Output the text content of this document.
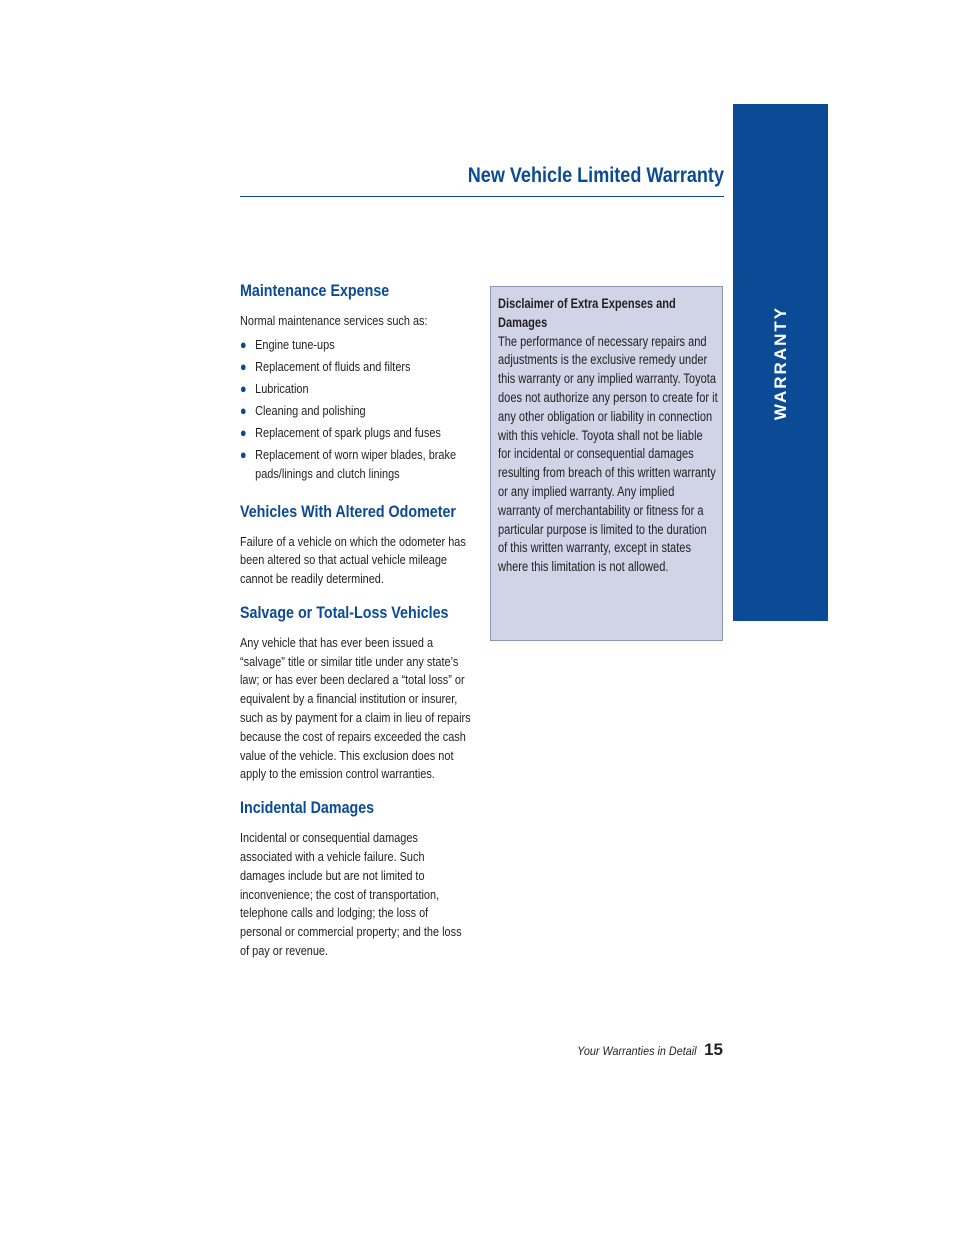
New Vehicle Limited Warranty
WARRANTY
Maintenance Expense
Normal maintenance services such as:
● Engine tune-ups
● Replacement of fluids and filters
● Lubrication
● Cleaning and polishing
● Replacement of spark plugs and fuses
● Replacement of worn wiper blades, brake pads/linings and clutch linings
Vehicles With Altered Odometer
Failure of a vehicle on which the odometer has been altered so that actual vehicle mileage cannot be readily determined.
Salvage or Total-Loss Vehicles
Any vehicle that has ever been issued a “salvage” title or similar title under any state’s law; or has ever been declared a “total loss” or equivalent by a financial institution or insurer, such as by payment for a claim in lieu of repairs because the cost of repairs exceeded the cash value of the vehicle. This exclusion does not apply to the emission control warranties.
Incidental Damages
Incidental or consequential damages associated with a vehicle failure. Such damages include but are not limited to inconvenience; the cost of transportation, telephone calls and lodging; the loss of personal or commercial property; and the loss of pay or revenue.
Disclaimer of Extra Expenses and Damages
The performance of necessary repairs and adjustments is the exclusive remedy under this warranty or any implied warranty. Toyota does not authorize any person to create for it any other obligation or liability in connection with this vehicle. Toyota shall not be liable for incidental or consequential damages resulting from breach of this written warranty or any implied warranty. Any implied warranty of merchantability or fitness for a particular purpose is limited to the duration of this written warranty, except in states where this limitation is not allowed.
Your Warranties in Detail 15
